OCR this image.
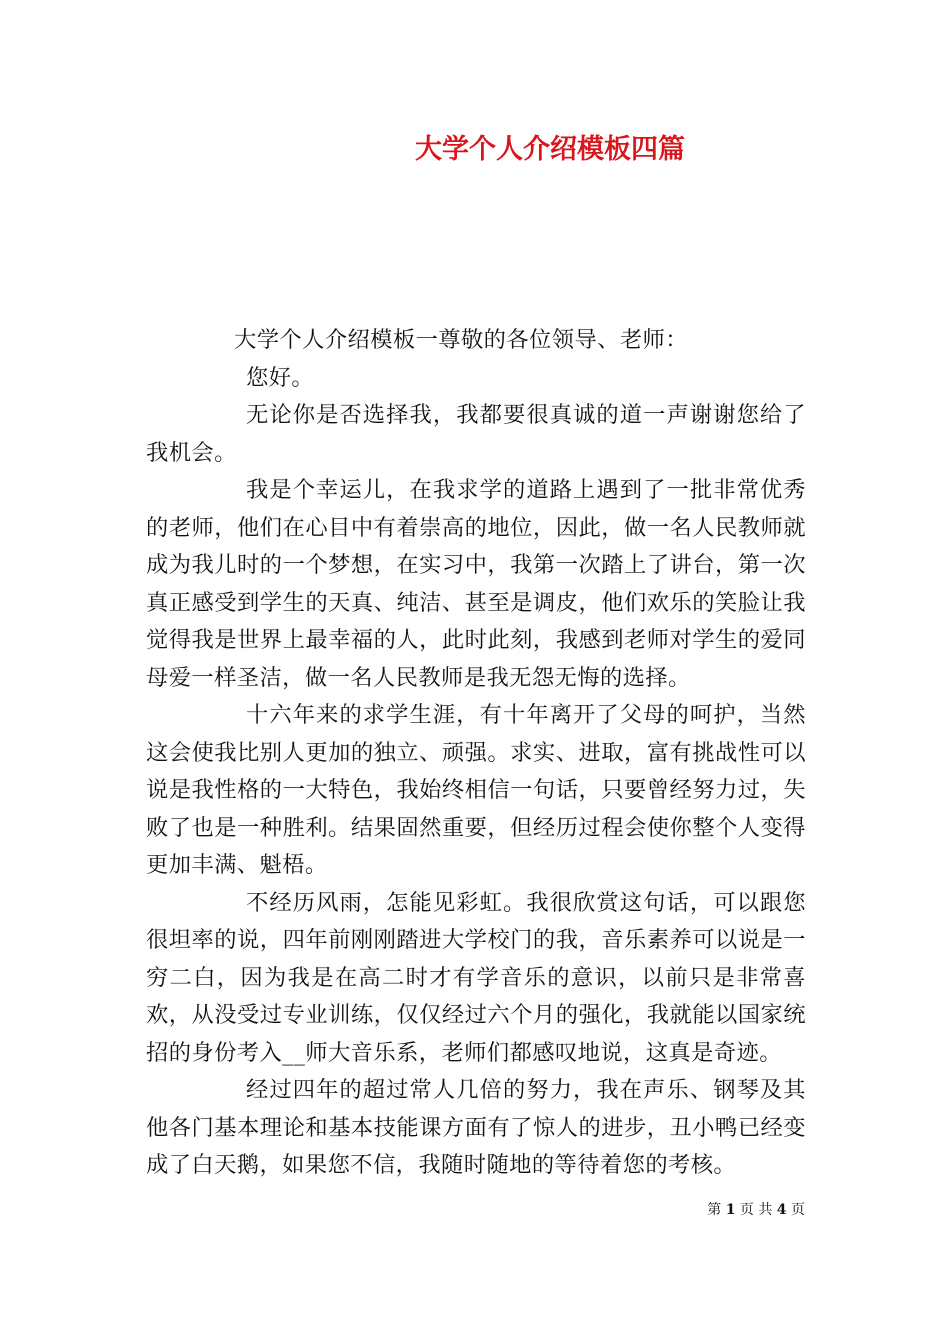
大学个人介绍模板四篇

大学个人介绍模板一尊敬的各位领导、老师：

您好。

无论你是否选择我，我都要很真诚的道一声谢谢您给了我机会。

我是个幸运儿，在我求学的道路上遇到了一批非常优秀的老师，他们在心目中有着崇高的地位，因此，做一名人民教师就成为我儿时的一个梦想，在实习中，我第一次踏上了讲台，第一次真正感受到学生的天真、纯洁、甚至是调皮，他们欢乐的笑脸让我觉得我是世界上最幸福的人，此时此刻，我感到老师对学生的爱同母爱一样圣洁，做一名人民教师是我无怨无悔的选择。

十六年来的求学生涯，有十年离开了父母的呵护，当然这会使我比别人更加的独立、顽强。求实、进取，富有挑战性可以说是我性格的一大特色，我始终相信一句话，只要曾经努力过，失败了也是一种胜利。结果固然重要，但经历过程会使你整个人变得更加丰满、魁梧。

不经历风雨，怎能见彩虹。我很欣赏这句话，可以跟您很坦率的说，四年前刚刚踏进大学校门的我，音乐素养可以说是一穷二白，因为我是在高二时才有学音乐的意识，以前只是非常喜欢，从没受过专业训练，仅仅经过六个月的强化，我就能以国家统招的身份考入__师大音乐系，老师们都感叹地说，这真是奇迹。

经过四年的超过常人几倍的努力，我在声乐、钢琴及其他各门基本理论和基本技能课方面有了惊人的进步，丑小鸭已经变成了白天鹅，如果您不信，我随时随地的等待着您的考核。

第 1 页 共 4 页
